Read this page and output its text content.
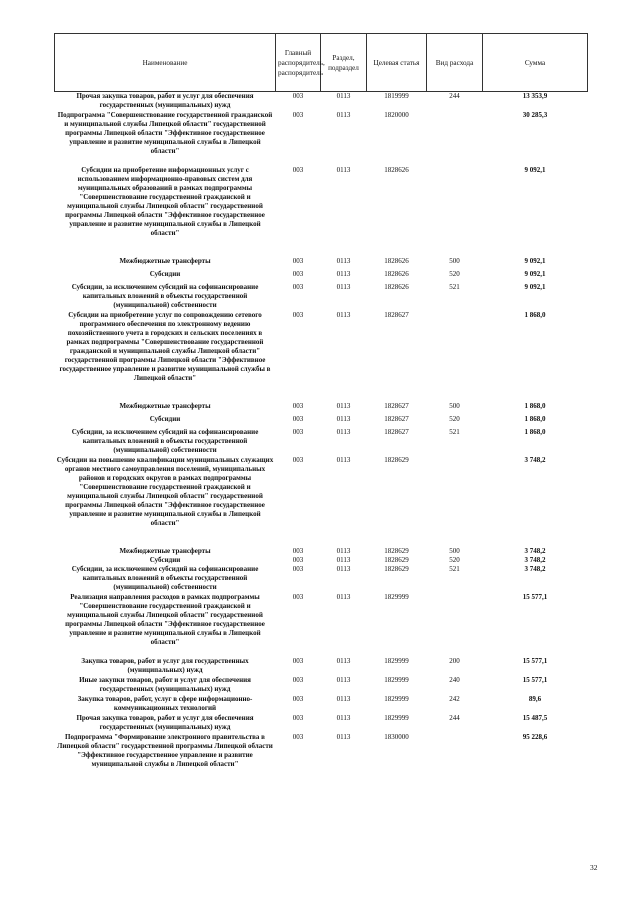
Наименование	Главный распорядитель, распорядитель	Раздел, подраздел	Целевая статья	Вид расхода	Сумма
Прочая закупка товаров, работ и услуг для обеспечения государственных (муниципальных) нужд	003	0113	1819999	244	13 353,9
Подпрограмма "Совершенствование государственной гражданской и муниципальной службы Липецкой области" государственной программы Липецкой области "Эффективное государственное управление и развитие муниципальной службы в Липецкой области"	003	0113	1820000		30 285,3
Субсидии на приобретение информационных услуг с использованием информационно-правовых систем для муниципальных образований в рамках подпрограммы "Совершенствование государственной гражданской и муниципальной службы Липецкой области" государственной программы Липецкой области "Эффективное государственное управление и развитие муниципальной службы в Липецкой области"	003	0113	1828626		9 092,1
Межбюджетные трансферты	003	0113	1828626	500	9 092,1
Субсидии	003	0113	1828626	520	9 092,1
Субсидии, за исключением субсидий на софинансирование капитальных вложений в объекты государственной (муниципальной) собственности	003	0113	1828626	521	9 092,1
Субсидии на приобретение услуг по сопровождению сетевого программного обеспечения по электронному ведению похозяйственного учета в городских и сельских поселениях в рамках подпрограммы "Совершенствование государственной гражданской и муниципальной службы Липецкой области" государственной программы Липецкой области "Эффективное государственное управление и развитие муниципальной службы в Липецкой области"	003	0113	1828627		1 868,0
Межбюджетные трансферты	003	0113	1828627	500	1 868,0
Субсидии	003	0113	1828627	520	1 868,0
Субсидии, за исключением субсидий на софинансирование капитальных вложений в объекты государственной (муниципальной) собственности	003	0113	1828627	521	1 868,0
Субсидии на повышение квалификации муниципальных служащих органов местного самоуправления поселений, муниципальных районов и городских округов в рамках подпрограммы "Совершенствование государственной гражданской и муниципальной службы Липецкой области" государственной программы Липецкой области "Эффективное государственное управление и развитие муниципальной службы в Липецкой области"	003	0113	1828629		3 748,2
Межбюджетные трансферты	003	0113	1828629	500	3 748,2
Субсидии	003	0113	1828629	520	3 748,2
Субсидии, за исключением субсидий на софинансирование капитальных вложений в объекты государственной (муниципальной) собственности	003	0113	1828629	521	3 748,2
Реализация направления расходов в рамках подпрограммы "Совершенствование государственной гражданской и муниципальной службы Липецкой области" государственной программы Липецкой области "Эффективное государственное управление и развитие муниципальной службы в Липецкой области"	003	0113	1829999		15 577,1
Закупка товаров, работ и услуг для государственных (муниципальных) нужд	003	0113	1829999	200	15 577,1
Иные закупки товаров, работ и услуг для обеспечения государственных (муниципальных) нужд	003	0113	1829999	240	15 577,1
Закупка товаров, работ, услуг в сфере информационно-коммуникационных технологий	003	0113	1829999	242	89,6
Прочая закупка товаров, работ и услуг для обеспечения государственных (муниципальных) нужд	003	0113	1829999	244	15 487,5
Подпрограмма "Формирование электронного правительства в Липецкой области" государственной программы Липецкой области "Эффективное государственное управление и развитие муниципальной службы в Липецкой области"	003	0113	1830000		95 228,6
32
